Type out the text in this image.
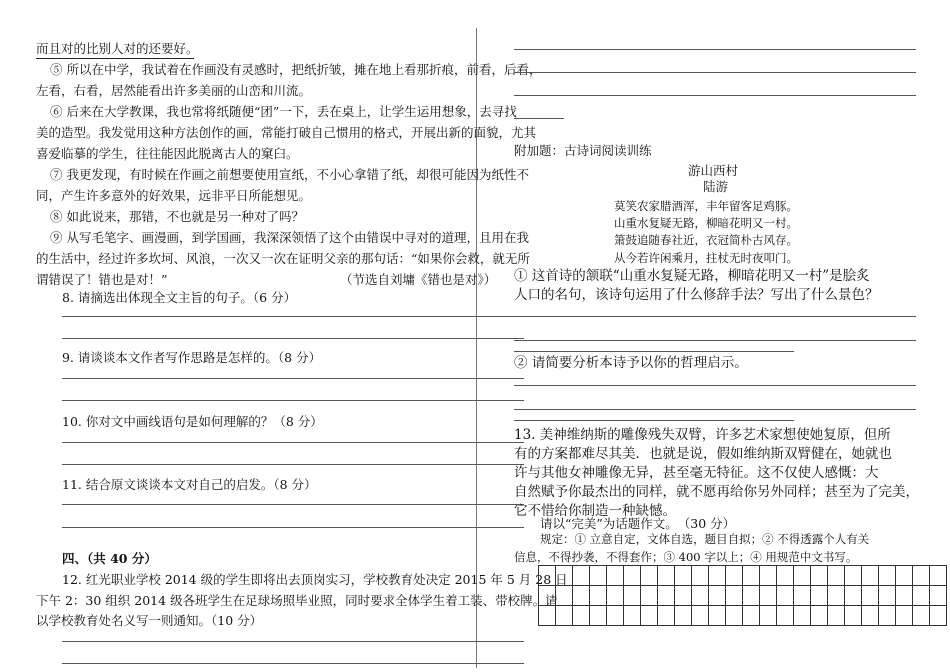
而且对的比别人对的还要好。
⑤ 所以在中学，我试着在作画没有灵感时，把纸折皱，摊在地上看那折痕，前看，后看，
左看，右看，居然能看出许多美丽的山峦和川流。
⑥ 后来在大学教课，我也常将纸随便“团”一下，丢在桌上，让学生运用想象，去寻找
美的造型。我发觉用这种方法创作的画，常能打破自己惯用的格式，开展出新的面貌，尤其
喜爱临摹的学生，往往能因此脱离古人的窠臼。
⑦ 我更发现，有时候在作画之前想要使用宣纸，不小心拿错了纸，却很可能因为纸性不
同，产生许多意外的好效果，远非平日所能想见。
⑧ 如此说来，那错，不也就是另一种对了吗？
⑨ 从写毛笔字、画漫画，到学国画，我深深领悟了这个由错误中寻对的道理，且用在我
的生活中，经过许多坎坷、风浪，一次又一次在证明父亲的那句话：“如果你会救，就无所
谓错误了！错也是对！”	（节选自刘墉《错也是对》）
8. 请摘选出体现全文主旨的句子。（6 分）
9. 请谈谈本文作者写作思路是怎样的。（8 分）
10. 你对文中画线语句是如何理解的？（8 分）
11. 结合原文谈谈本文对自己的启发。（8 分）
四、（共 40 分）
12. 红光职业学校 2014 级的学生即将出去顶岗实习，学校教育处决定 2015 年 5 月 28 日
下午 2：30 组织 2014 级各班学生在足球场照毕业照，同时要求全体学生着工装、带校牌。请
以学校教育处名义写一则通知。（10 分）
附加题：古诗词阅读训练
游山西村
陆游
莫笑农家腊酒浑，丰年留客足鸡豚。
山重水复疑无路，柳暗花明又一村。
箫鼓追随春社近，衣冠简朴古风存。
从今若许闲乘月，拄杖无时夜叩门。
① 这首诗的颔联“山重水复疑无路，柳暗花明又一村”是脍炙
人口的名句，该诗句运用了什么修辞手法？写出了什么景色？
② 请简要分析本诗予以你的哲理启示。
13. 美神维纳斯的雕像残失双臂，许多艺术家想使她复原，但所
有的方案都难尽其美．也就是说，假如维纳斯双臂健在，她就也
许与其他女神雕像无异，甚至毫无特征。这不仅使人感慨：大
自然赋予你最杰出的同样，就不愿再给你另外同样；甚至为了完美，
它不惜给你制造一种缺憾。
请以“完美”为话题作文。　（30 分）
规定：① 立意自定，文体自选，题目自拟；② 不得透露个人有关
信息，不得抄袭，不得套作；③ 400 字以上；④ 用规范中文书写。
